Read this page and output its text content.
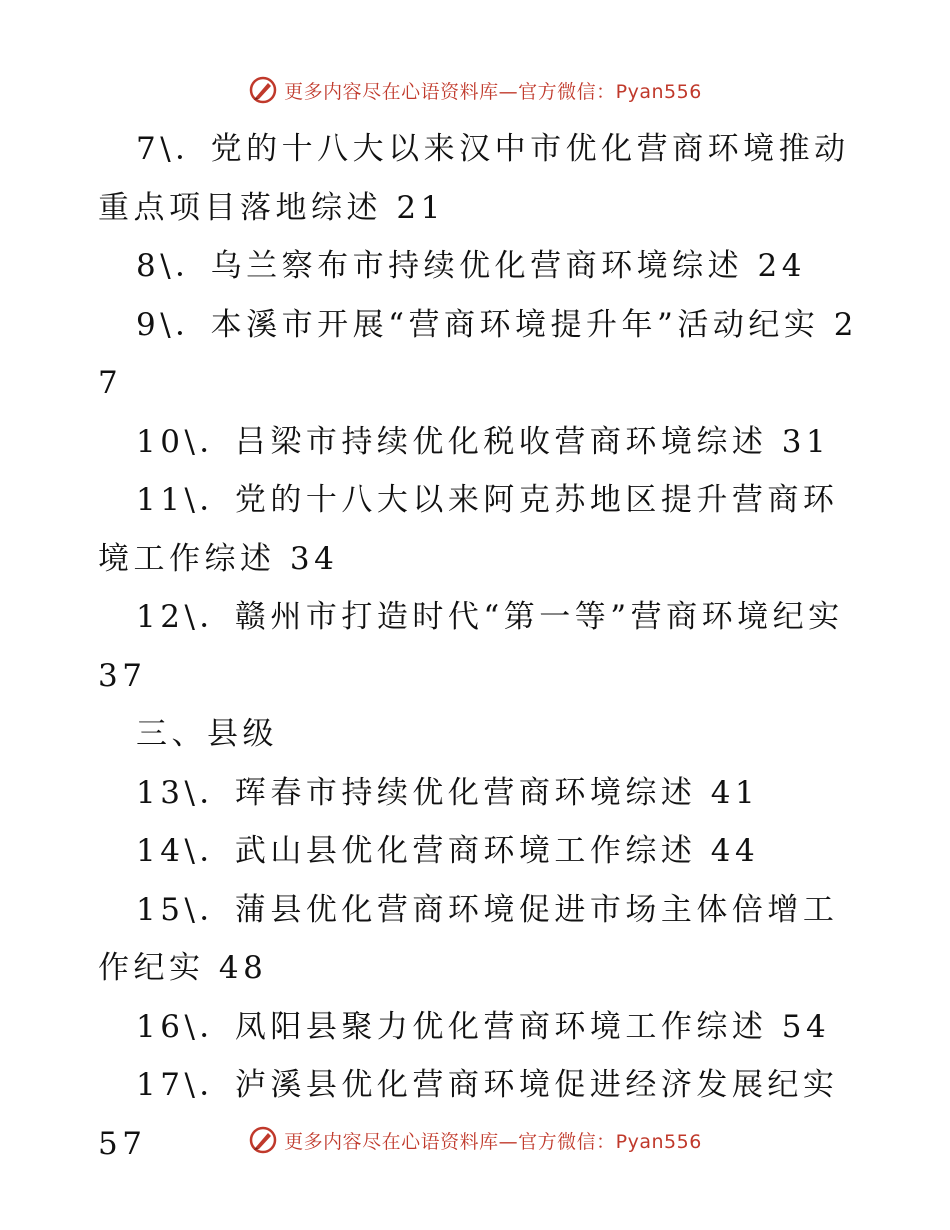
更多内容尽在心语资料库—官方微信：Pyan556
7\．党的十八大以来汉中市优化营商环境推动重点项目落地综述 21
8\．乌兰察布市持续优化营商环境综述 24
9\．本溪市开展“营商环境提升年”活动纪实 27
10\．吕梁市持续优化税收营商环境综述 31
11\．党的十八大以来阿克苏地区提升营商环境工作综述 34
12\．赣州市打造时代“第一等”营商环境纪实 37
三、县级
13\．珲春市持续优化营商环境综述 41
14\．武山县优化营商环境工作综述 44
15\．蒲县优化营商环境促进市场主体倍增工作纪实 48
16\．凤阳县聚力优化营商环境工作综述 54
17\．泸溪县优化营商环境促进经济发展纪实 57	更多内容尽在心语资料库—官方微信：Pyan556
